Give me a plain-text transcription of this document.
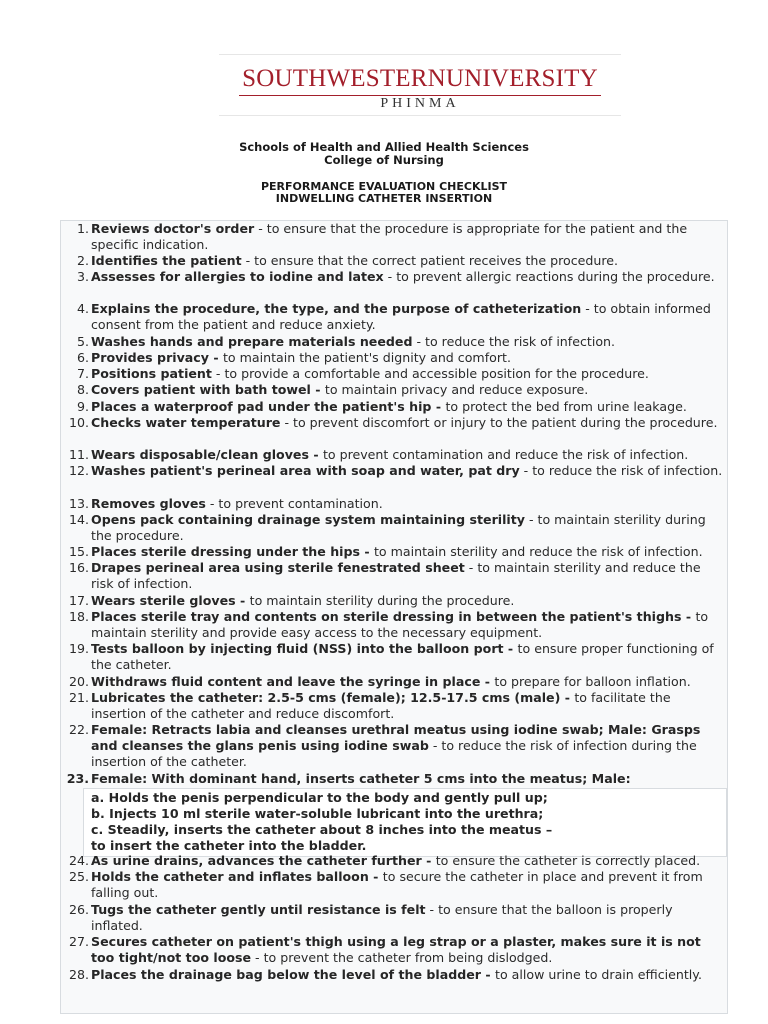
SOUTHWESTERNUNIVERSITY
PHINMA
Schools of Health and Allied Health Sciences
College of Nursing
PERFORMANCE EVALUATION CHECKLIST
INDWELLING CATHETER INSERTION
1. Reviews doctor's order - to ensure that the procedure is appropriate for the patient and the specific indication.
2. Identifies the patient - to ensure that the correct patient receives the procedure.
3. Assesses for allergies to iodine and latex - to prevent allergic reactions during the procedure.
4. Explains the procedure, the type, and the purpose of catheterization - to obtain informed consent from the patient and reduce anxiety.
5. Washes hands and prepare materials needed - to reduce the risk of infection.
6. Provides privacy - to maintain the patient's dignity and comfort.
7. Positions patient - to provide a comfortable and accessible position for the procedure.
8. Covers patient with bath towel - to maintain privacy and reduce exposure.
9. Places a waterproof pad under the patient's hip - to protect the bed from urine leakage.
10. Checks water temperature - to prevent discomfort or injury to the patient during the procedure.
11. Wears disposable/clean gloves - to prevent contamination and reduce the risk of infection.
12. Washes patient's perineal area with soap and water, pat dry - to reduce the risk of infection.
13. Removes gloves - to prevent contamination.
14. Opens pack containing drainage system maintaining sterility - to maintain sterility during the procedure.
15. Places sterile dressing under the hips - to maintain sterility and reduce the risk of infection.
16. Drapes perineal area using sterile fenestrated sheet - to maintain sterility and reduce the risk of infection.
17. Wears sterile gloves - to maintain sterility during the procedure.
18. Places sterile tray and contents on sterile dressing in between the patient's thighs - to maintain sterility and provide easy access to the necessary equipment.
19. Tests balloon by injecting fluid (NSS) into the balloon port - to ensure proper functioning of the catheter.
20. Withdraws fluid content and leave the syringe in place - to prepare for balloon inflation.
21. Lubricates the catheter: 2.5-5 cms (female); 12.5-17.5 cms (male) - to facilitate the insertion of the catheter and reduce discomfort.
22. Female: Retracts labia and cleanses urethral meatus using iodine swab; Male: Grasps and cleanses the glans penis using iodine swab - to reduce the risk of infection during the insertion of the catheter.
23. Female: With dominant hand, inserts catheter 5 cms into the meatus; Male:
a. Holds the penis perpendicular to the body and gently pull up;
b. Injects 10 ml sterile water-soluble lubricant into the urethra;
c. Steadily, inserts the catheter about 8 inches into the meatus –
to insert the catheter into the bladder.
24. As urine drains, advances the catheter further - to ensure the catheter is correctly placed.
25. Holds the catheter and inflates balloon - to secure the catheter in place and prevent it from falling out.
26. Tugs the catheter gently until resistance is felt - to ensure that the balloon is properly inflated.
27. Secures catheter on patient's thigh using a leg strap or a plaster, makes sure it is not too tight/not too loose - to prevent the catheter from being dislodged.
28. Places the drainage bag below the level of the bladder - to allow urine to drain efficiently.
